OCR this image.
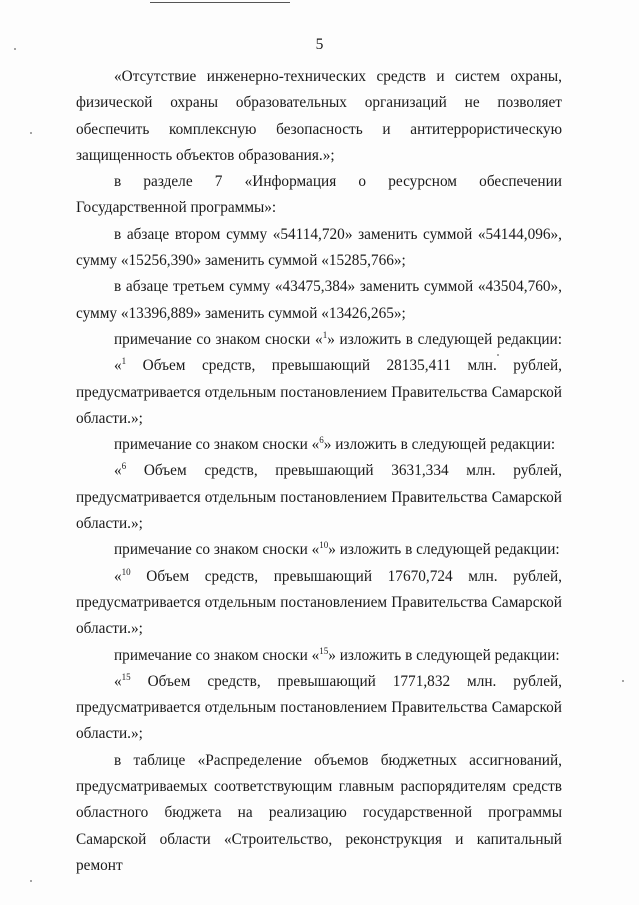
5

«Отсутствие инженерно-технических средств и систем охраны, физической охраны образовательных организаций не позволяет обеспечить комплексную безопасность и антитеррористическую защищенность объектов образования.»;

в разделе 7 «Информация о ресурсном обеспечении Государственной программы»:

в абзаце втором сумму «54114,720» заменить суммой «54144,096», сумму «15256,390» заменить суммой «15285,766»;

в абзаце третьем сумму «43475,384» заменить суммой «43504,760», сумму «13396,889» заменить суммой «13426,265»;

примечание со знаком сноски «$^1$» изложить в следующей редакции:

«$^1$ Объем средств, превышающий 28135,411 млн. рублей, предусматривается отдельным постановлением Правительства Самарской области.»;

примечание со знаком сноски «$^6$» изложить в следующей редакции:

«$^6$ Объем средств, превышающий 3631,334 млн. рублей, предусматривается отдельным постановлением Правительства Самарской области.»;

примечание со знаком сноски «$^{10}$» изложить в следующей редакции:

«$^{10}$ Объем средств, превышающий 17670,724 млн. рублей, предусматривается отдельным постановлением Правительства Самарской области.»;

примечание со знаком сноски «$^{15}$» изложить в следующей редакции:

«$^{15}$ Объем средств, превышающий 1771,832 млн. рублей, предусматривается отдельным постановлением Правительства Самарской области.»;

в таблице «Распределение объемов бюджетных ассигнований, предусматриваемых соответствующим главным распорядителям средств областного бюджета на реализацию государственной программы Самарской области «Строительство, реконструкция и капитальный ремонт
